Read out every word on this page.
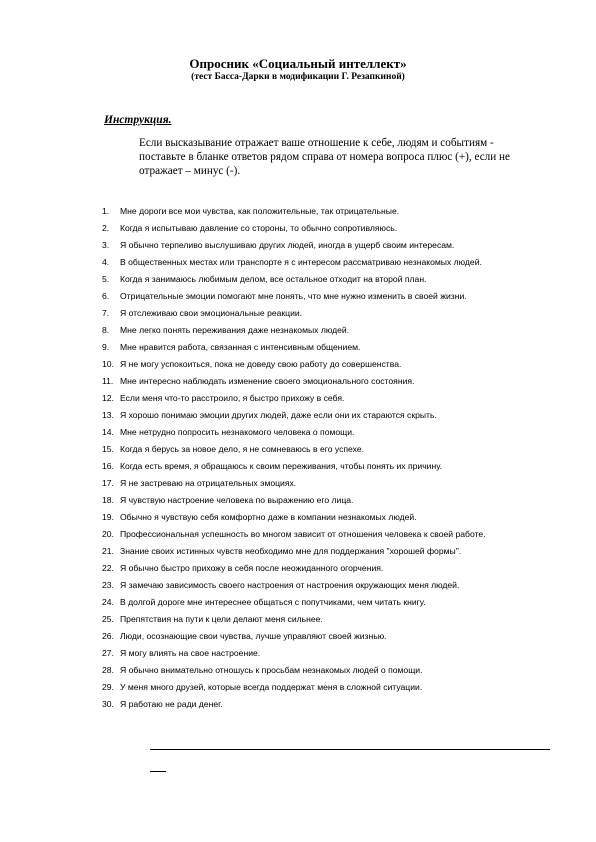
Опросник «Социальный интеллект»
(тест Басса-Дарки в модификации Г. Резапкиной)
Инструкция.
Если высказывание отражает ваше отношение к себе, людям и событиям -
поставьте в бланке ответов рядом справа от номера вопроса плюс (+), если не
отражает – минус (-).
1.	Мне дороги все мои чувства, как положительные, так отрицательные.
2.	Когда я испытываю давление со стороны, то обычно сопротивляюсь.
3.	Я обычно терпеливо выслушиваю других людей, иногда в ущерб своим интересам.
4.	В общественных местах или транспорте я с интересом рассматриваю незнакомых людей.
5.	Когда я занимаюсь любимым делом, все остальное отходит на второй план.
6.	Отрицательные эмоции помогают мне понять, что мне нужно изменить в своей жизни.
7.	Я отслеживаю свои эмоциональные реакции.
8.	Мне легко понять переживания даже незнакомых людей.
9.	Мне нравится работа, связанная с интенсивным общением.
10. Я не могу успокоиться, пока не доведу свою работу до совершенства.
11. Мне интересно наблюдать изменение своего эмоционального состояния.
12. Если меня что-то расстроило, я быстро прихожу в себя.
13. Я хорошо понимаю эмоции других людей, даже если они их стараются скрыть.
14. Мне нетрудно попросить незнакомого человека о помощи.
15. Когда я берусь за новое дело, я не сомневаюсь в его успехе.
16. Когда есть время, я обращаюсь к своим переживания, чтобы понять их причину.
17. Я не застреваю на отрицательных эмоциях.
18. Я чувствую настроение человека по выражению его лица.
19. Обычно я чувствую себя комфортно даже в компании незнакомых людей.
20. Профессиональная успешность во многом зависит от отношения человека к своей работе.
21. Знание своих истинных чувств необходимо мне для поддержания "хорошей формы".
22. Я обычно быстро прихожу в себя после неожиданного огорчения.
23. Я замечаю зависимость своего настроения от настроения окружающих меня людей.
24. В долгой дороге мне интереснее общаться с попутчиками, чем читать книгу.
25. Препятствия на пути к цели делают меня сильнее.
26. Люди, осознающие свои чувства, лучше управляют своей жизнью.
27. Я могу влиять на свое настроение.
28. Я обычно внимательно отношусь к просьбам незнакомых людей о помощи.
29. У меня много друзей, которые всегда поддержат меня в сложной ситуации.
30. Я работаю не ради денег.
